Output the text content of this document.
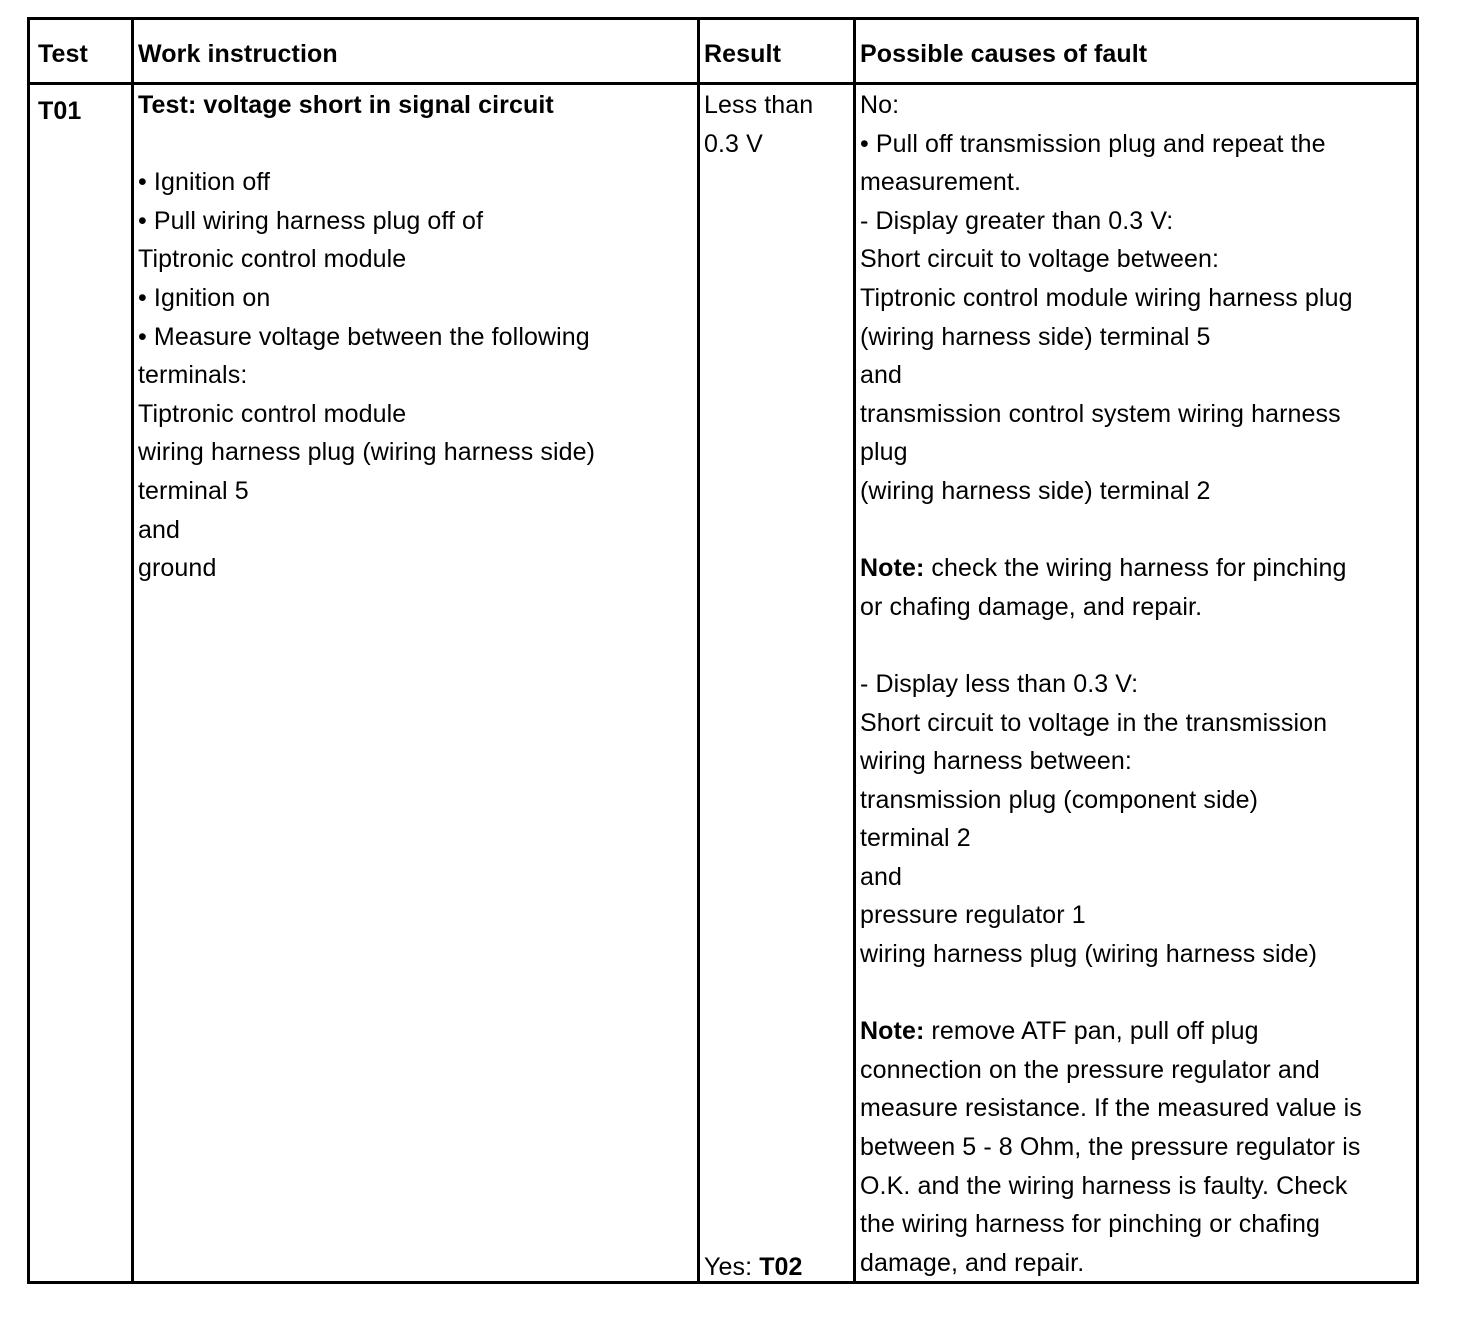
Test Work instruction	Result	Possible causes of fault
T01 Test: voltage short in signal circuit
• Ignition off
• Pull wiring harness plug off of
Tiptronic control module
• Ignition on
• Measure voltage between the following
terminals:
Tiptronic control module
wiring harness plug (wiring harness side)
terminal 5
and
ground
Less than
0.3 V
Yes: T02
No:
• Pull off transmission plug and repeat the
measurement.
- Display greater than 0.3 V:
Short circuit to voltage between:
Tiptronic control module wiring harness plug
(wiring harness side) terminal 5
and
transmission control system wiring harness
plug
(wiring harness side) terminal 2
Note: check the wiring harness for pinching
or chafing damage, and repair.
- Display less than 0.3 V:
Short circuit to voltage in the transmission
wiring harness between:
transmission plug (component side)
terminal 2
and
pressure regulator 1
wiring harness plug (wiring harness side)
Note: remove ATF pan, pull off plug
connection on the pressure regulator and
measure resistance. If the measured value is
between 5 - 8 Ohm, the pressure regulator is
O.K. and the wiring harness is faulty. Check
the wiring harness for pinching or chafing
damage, and repair.
